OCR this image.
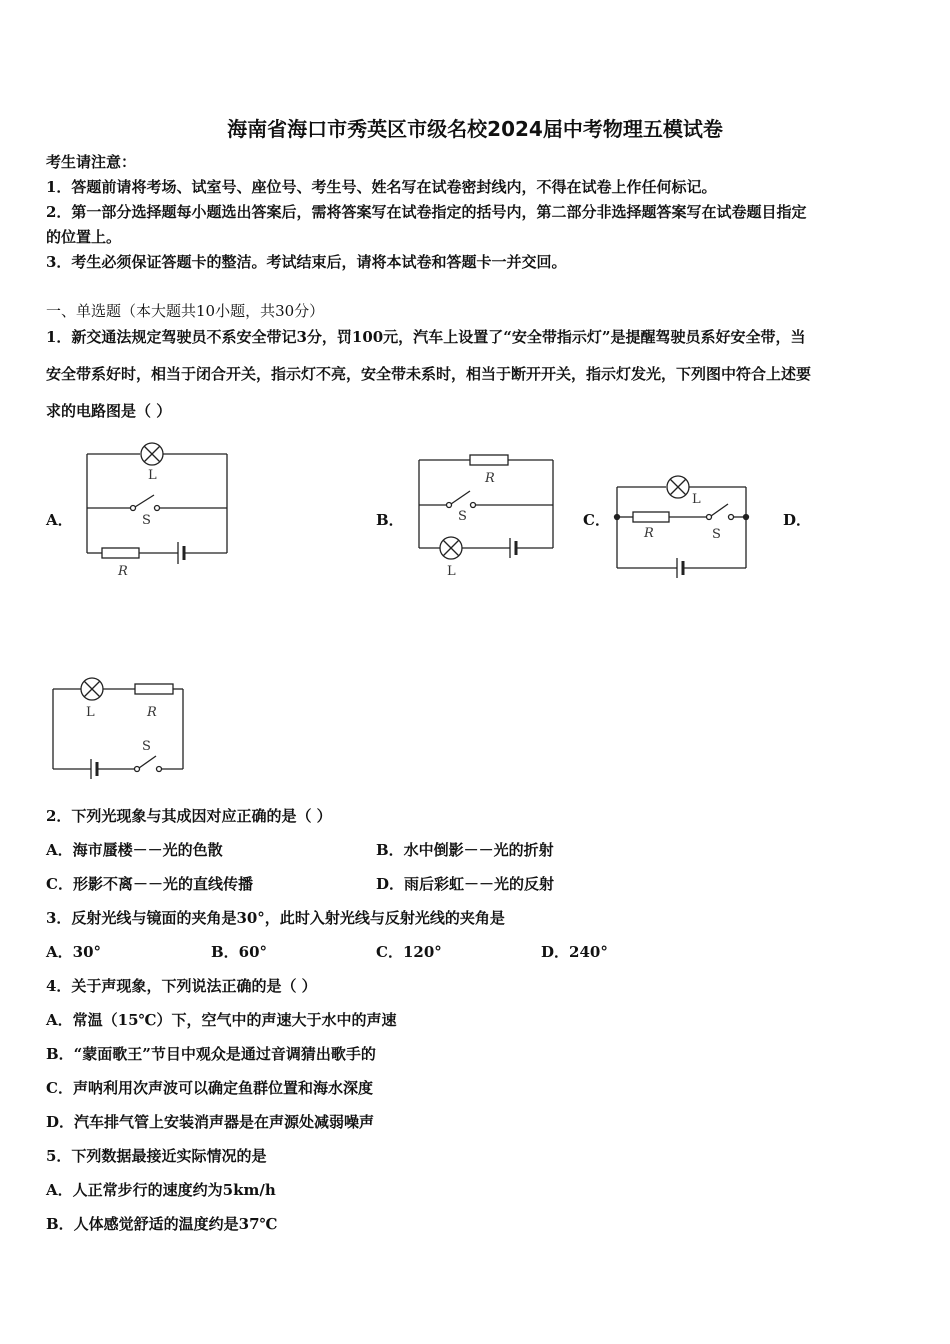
海南省海口市秀英区市级名校2024届中考物理五模试卷
考生请注意：
1．答题前请将考场、试室号、座位号、考生号、姓名写在试卷密封线内，不得在试卷上作任何标记。
2．第一部分选择题每小题选出答案后，需将答案写在试卷指定的括号内，第二部分非选择题答案写在试卷题目指定
的位置上。
3．考生必须保证答题卡的整洁。考试结束后，请将本试卷和答题卡一并交回。
一、单选题（本大题共10小题，共30分）
1．新交通法规定驾驶员不系安全带记3分，罚100元，汽车上设置了“安全带指示灯”是提醒驾驶员系好安全带，当
安全带系好时，相当于闭合开关，指示灯不亮，安全带未系时，相当于断开开关，指示灯发光，下列图中符合上述要
求的电路图是（ ）
A．	B．	C．	D．
L
S
R
R
S
L
L
R	S
L	R
S
2．下列光现象与其成因对应正确的是（ ）
A．海市蜃楼－－光的色散	B．水中倒影－－光的折射
C．形影不离－－光的直线传播	D．雨后彩虹－－光的反射
3．反射光线与镜面的夹角是30°，此时入射光线与反射光线的夹角是
A．30°	B．60°	C．120°	D．240°
4．关于声现象，下列说法正确的是（ ）
A．常温（15℃）下，空气中的声速大于水中的声速
B．“蒙面歌王”节目中观众是通过音调猜出歌手的
C．声呐利用次声波可以确定鱼群位置和海水深度
D．汽车排气管上安装消声器是在声源处减弱噪声
5．下列数据最接近实际情况的是
A．人正常步行的速度约为5km/h
B．人体感觉舒适的温度约是37℃
